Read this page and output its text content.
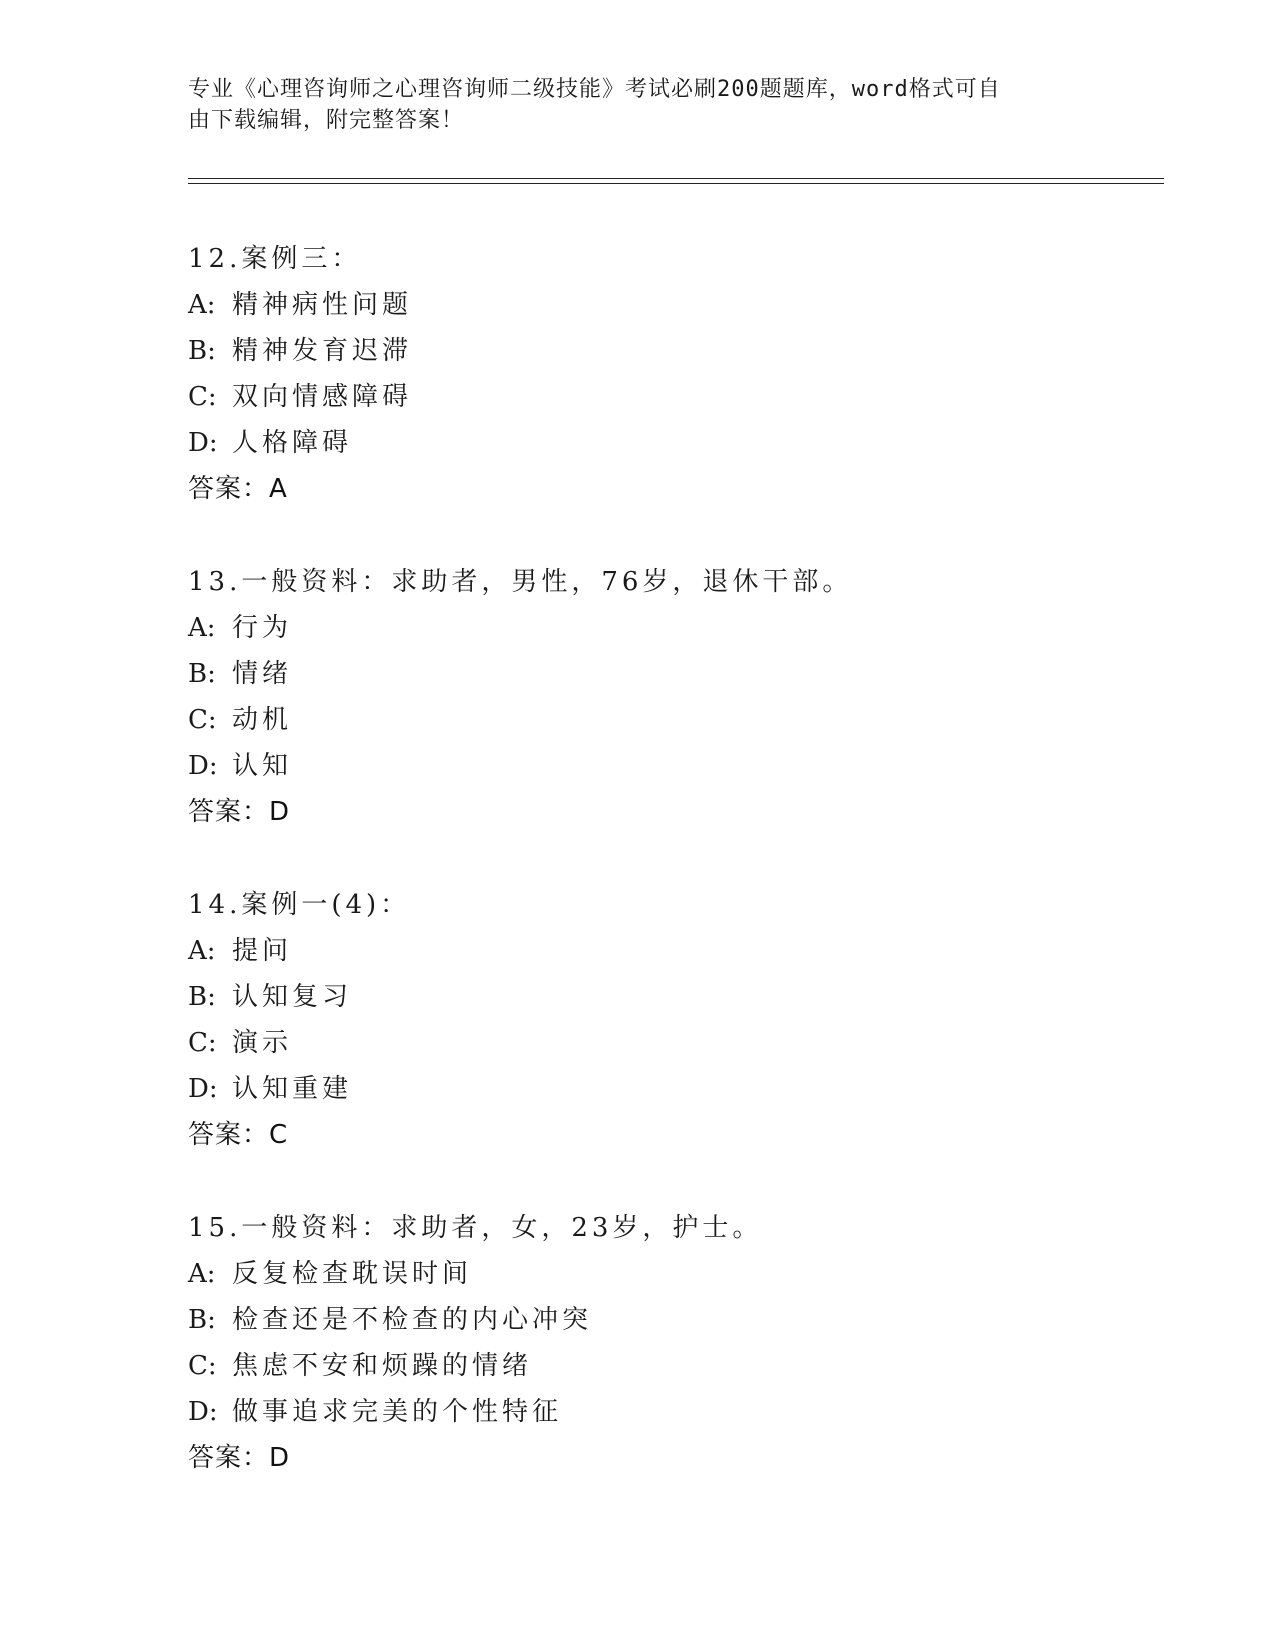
专业《心理咨询师之心理咨询师二级技能》考试必刷200题题库，word格式可自
由下载编辑，附完整答案！
12.案例三：
A: 精神病性问题
B: 精神发育迟滞
C: 双向情感障碍
D: 人格障碍
答案：A
13.一般资料：求助者，男性，76岁，退休干部。
A: 行为
B: 情绪
C: 动机
D: 认知
答案：D
14.案例一(4)：
A: 提问
B: 认知复习
C: 演示
D: 认知重建
答案：C
15.一般资料：求助者，女，23岁，护士。
A: 反复检查耽误时间
B: 检查还是不检查的内心冲突
C: 焦虑不安和烦躁的情绪
D: 做事追求完美的个性特征
答案：D
